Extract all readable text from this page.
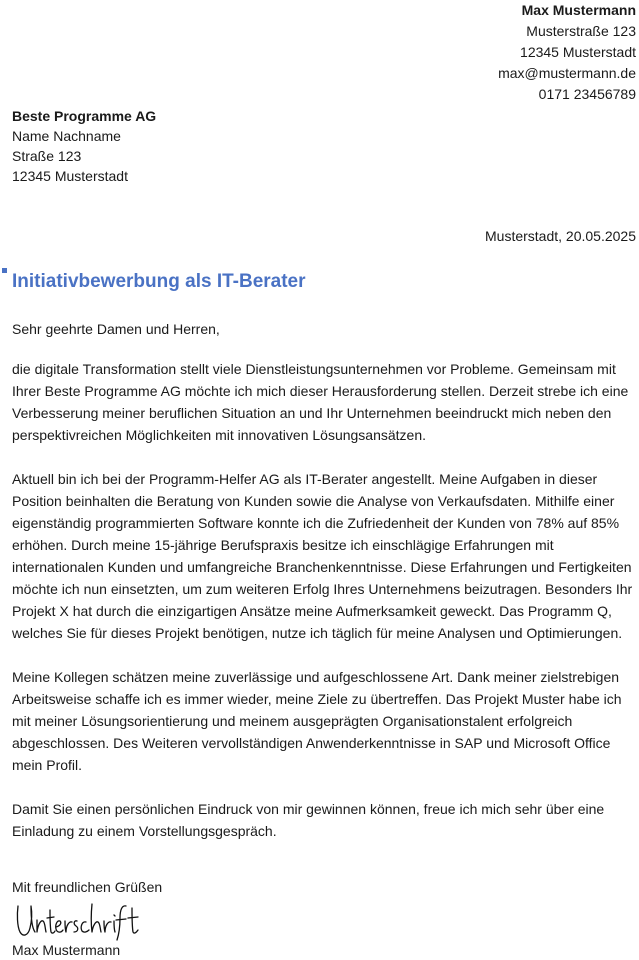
Max Mustermann
Musterstraße 123
12345 Musterstadt
max@mustermann.de
0171 23456789
Beste Programme AG
Name Nachname
Straße 123
12345 Musterstadt
Musterstadt, 20.05.2025
Initiativbewerbung als IT-Berater

Sehr geehrte Damen und Herren,

die digitale Transformation stellt viele Dienstleistungsunternehmen vor Probleme. Gemeinsam mit Ihrer Beste Programme AG möchte ich mich dieser Herausforderung stellen. Derzeit strebe ich eine Verbesserung meiner beruflichen Situation an und Ihr Unternehmen beeindruckt mich neben den perspektivreichen Möglichkeiten mit innovativen Lösungsansätzen.

Aktuell bin ich bei der Programm-Helfer AG als IT-Berater angestellt. Meine Aufgaben in dieser Position beinhalten die Beratung von Kunden sowie die Analyse von Verkaufsdaten. Mithilfe einer eigenständig programmierten Software konnte ich die Zufriedenheit der Kunden von 78% auf 85% erhöhen. Durch meine 15-jährige Berufspraxis besitze ich einschlägige Erfahrungen mit internationalen Kunden und umfangreiche Branchenkenntnisse. Diese Erfahrungen und Fertigkeiten möchte ich nun einsetzten, um zum weiteren Erfolg Ihres Unternehmens beizutragen. Besonders Ihr Projekt X hat durch die einzigartigen Ansätze meine Aufmerksamkeit geweckt. Das Programm Q, welches Sie für dieses Projekt benötigen, nutze ich täglich für meine Analysen und Optimierungen.

Meine Kollegen schätzen meine zuverlässige und aufgeschlossene Art. Dank meiner zielstrebigen Arbeitsweise schaffe ich es immer wieder, meine Ziele zu übertreffen. Das Projekt Muster habe ich mit meiner Lösungsorientierung und meinem ausgeprägten Organisationstalent erfolgreich abgeschlossen. Des Weiteren vervollständigen Anwenderkenntnisse in SAP und Microsoft Office mein Profil.

Damit Sie einen persönlichen Eindruck von mir gewinnen können, freue ich mich sehr über eine Einladung zu einem Vorstellungsgespräch.

Mit freundlichen Grüßen
Max Mustermann
